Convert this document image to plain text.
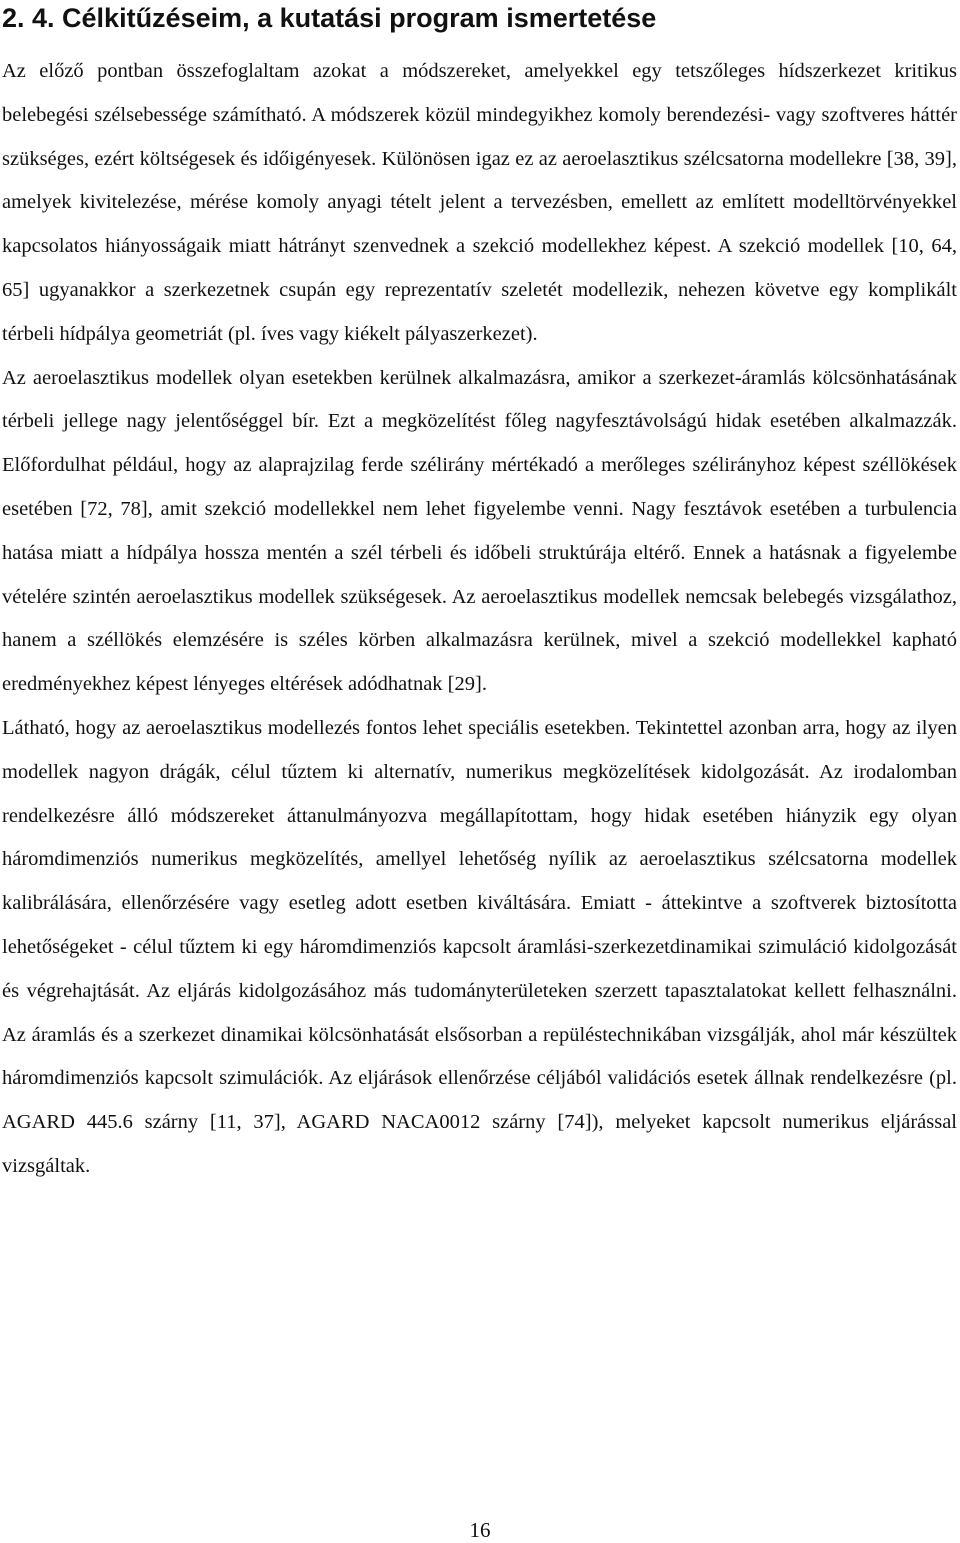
2. 4. Célkitűzéseim, a kutatási program ismertetése

Az előző pontban összefoglaltam azokat a módszereket, amelyekkel egy tetszőleges hídszerkezet kritikus belebegési szélsebessége számítható. A módszerek közül mindegyikhez komoly berendezési- vagy szoftveres háttér szükséges, ezért költségesek és időigényesek. Különösen igaz ez az aeroelasztikus szélcsatorna modellekre [38, 39], amelyek kivitelezése, mérése komoly anyagi tételt jelent a tervezésben, emellett az említett modelltörvényekkel kapcsolatos hiányosságaik miatt hátrányt szenvednek a szekció modellekhez képest. A szekció modellek [10, 64, 65] ugyanakkor a szerkezetnek csupán egy reprezentatív szeletét modellezik, nehezen követve egy komplikált térbeli hídpálya geometriát (pl. íves vagy kiékelt pályaszerkezet).

Az aeroelasztikus modellek olyan esetekben kerülnek alkalmazásra, amikor a szerkezet-áramlás kölcsönhatásának térbeli jellege nagy jelentőséggel bír. Ezt a megközelítést főleg nagyfesztávolságú hidak esetében alkalmazzák. Előfordulhat például, hogy az alaprajzilag ferde szélirány mértékadó a merőleges szélirányhoz képest széllökések esetében [72, 78], amit szekció modellekkel nem lehet figyelembe venni. Nagy fesztávok esetében a turbulencia hatása miatt a hídpálya hossza mentén a szél térbeli és időbeli struktúrája eltérő. Ennek a hatásnak a figyelembe vételére szintén aeroelasztikus modellek szükségesek. Az aeroelasztikus modellek nemcsak belebegés vizsgálathoz, hanem a széllökés elemzésére is széles körben alkalmazásra kerülnek, mivel a szekció modellekkel kapható eredményekhez képest lényeges eltérések adódhatnak [29].

Látható, hogy az aeroelasztikus modellezés fontos lehet speciális esetekben. Tekintettel azonban arra, hogy az ilyen modellek nagyon drágák, célul tűztem ki alternatív, numerikus megközelítések kidolgozását. Az irodalomban rendelkezésre álló módszereket áttanulmányozva megállapítottam, hogy hidak esetében hiányzik egy olyan háromdimenziós numerikus megközelítés, amellyel lehetőség nyílik az aeroelasztikus szélcsatorna modellek kalibrálására, ellenőrzésére vagy esetleg adott esetben kiváltására. Emiatt - áttekintve a szoftverek biztosította lehetőségeket - célul tűztem ki egy háromdimenziós kapcsolt áramlási-szerkezetdinamikai szimuláció kidolgozását és végrehajtását. Az eljárás kidolgozásához más tudományterületeken szerzett tapasztalatokat kellett felhasználni. Az áramlás és a szerkezet dinamikai kölcsönhatását elsősorban a repüléstechnikában vizsgálják, ahol már készültek háromdimenziós kapcsolt szimulációk. Az eljárások ellenőrzése céljából validációs esetek állnak rendelkezésre (pl. AGARD 445.6 szárny [11, 37], AGARD NACA0012 szárny [74]), melyeket kapcsolt numerikus eljárással vizsgáltak.

16
